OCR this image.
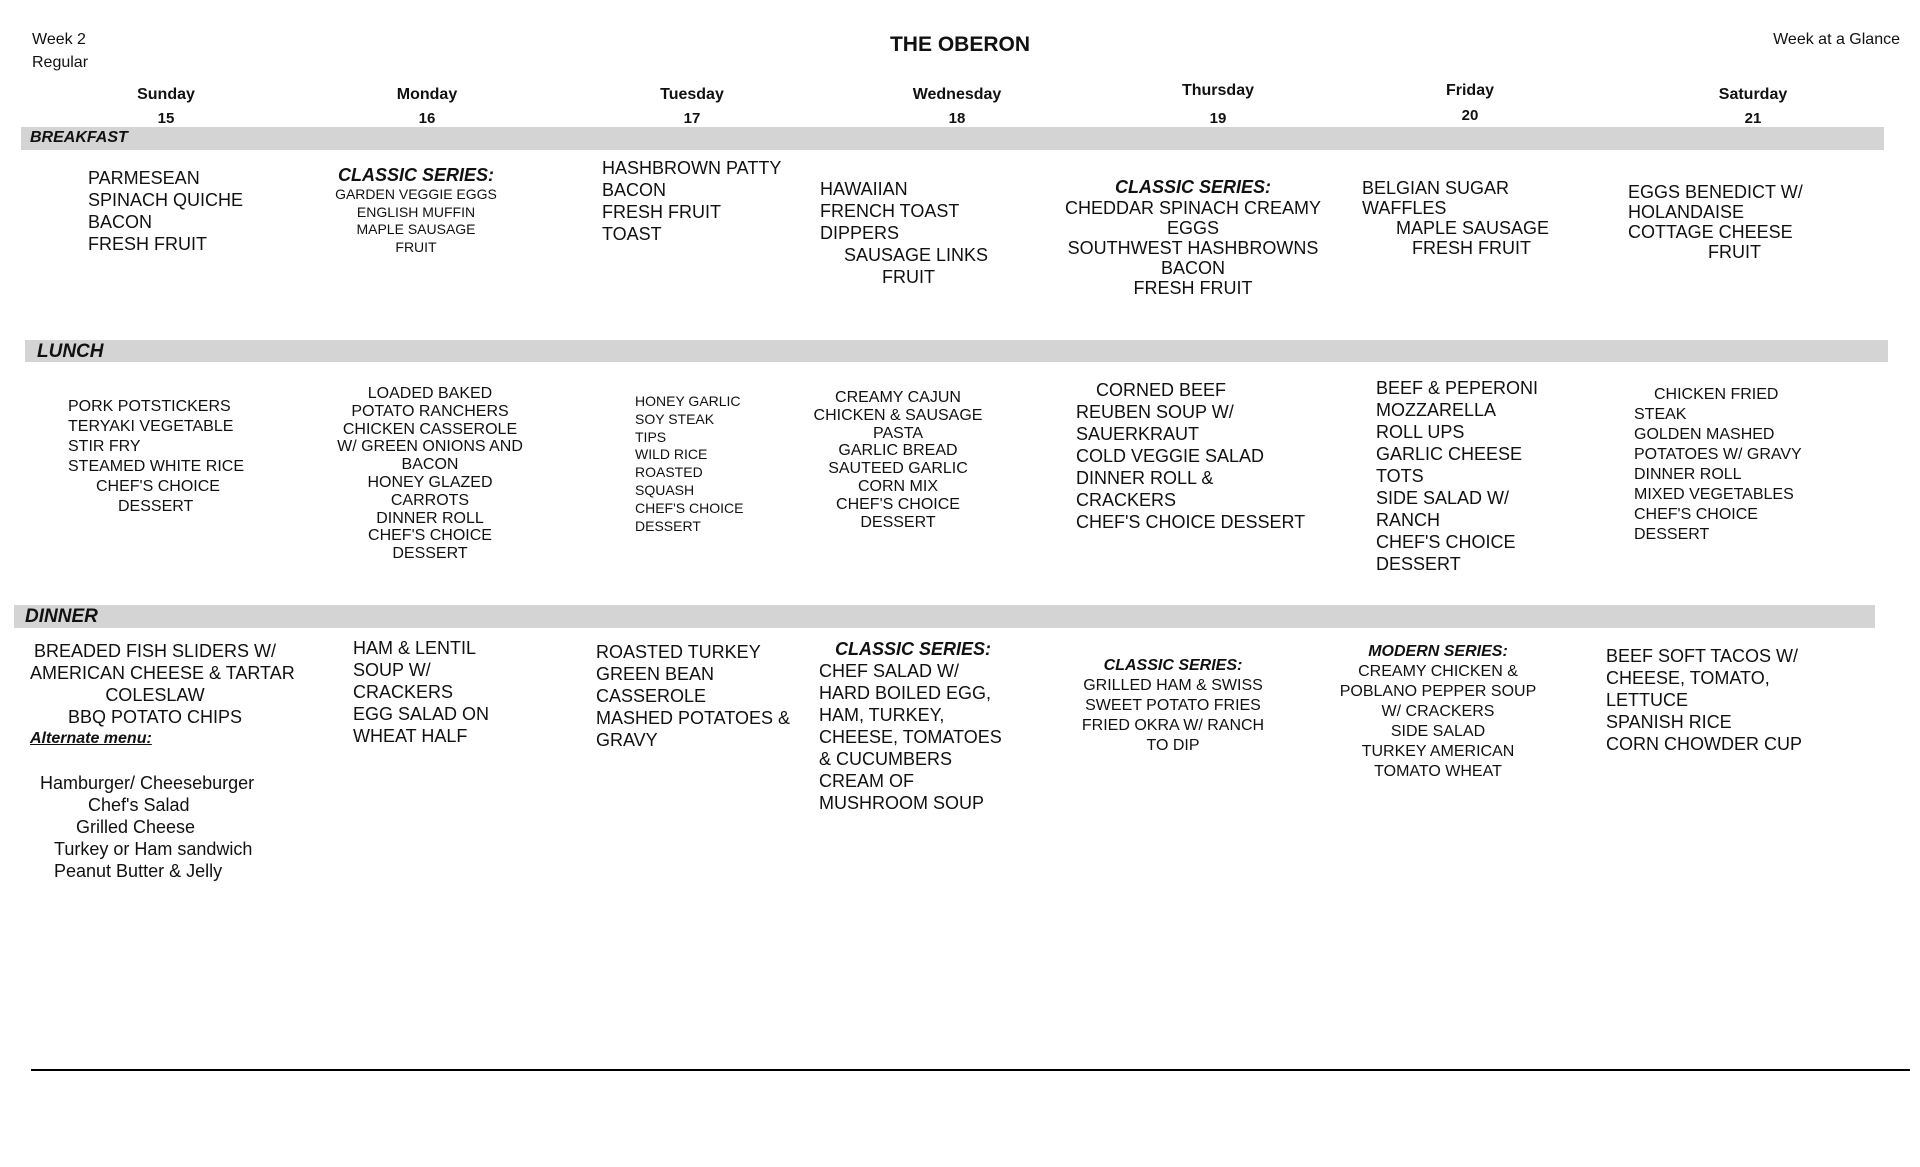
Week 2
Regular
THE OBERON	Week at a Glance
Sunday
15
Monday
16
Tuesday
17
Wednesday
18
Thursday
19
Friday
20
Saturday
21
BREAKFAST
LUNCH
DINNER
PARMESEAN
SPINACH QUICHE
BACON
FRESH FRUIT
CLASSIC SERIES:
GARDEN VEGGIE EGGS
ENGLISH MUFFIN
MAPLE SAUSAGE
FRUIT
HASHBROWN PATTY
BACON
FRESH FRUIT
TOAST
HAWAIIAN
FRENCH TOAST
DIPPERS
SAUSAGE LINKS
FRUIT
CLASSIC SERIES:
CHEDDAR SPINACH CREAMY
EGGS
SOUTHWEST HASHBROWNS
BACON
FRESH FRUIT
BELGIAN SUGAR
WAFFLES
MAPLE SAUSAGE
FRESH FRUIT
EGGS BENEDICT W/
HOLANDAISE
COTTAGE CHEESE
FRUIT
PORK POTSTICKERS
TERYAKI VEGETABLE
STIR FRY
STEAMED WHITE RICE
CHEF'S CHOICE
DESSERT
LOADED BAKED
POTATO RANCHERS
CHICKEN CASSEROLE
W/ GREEN ONIONS AND
BACON
HONEY GLAZED
CARROTS
DINNER ROLL
CHEF'S CHOICE
DESSERT
HONEY GARLIC
SOY STEAK
TIPS
WILD RICE
ROASTED
SQUASH
CHEF'S CHOICE
DESSERT
CREAMY CAJUN
CHICKEN & SAUSAGE
PASTA
GARLIC BREAD
SAUTEED GARLIC
CORN MIX
CHEF'S CHOICE
DESSERT
CORNED BEEF
REUBEN SOUP W/
SAUERKRAUT
COLD VEGGIE SALAD
DINNER ROLL &
CRACKERS
CHEF'S CHOICE DESSERT
BEEF & PEPERONI
MOZZARELLA
ROLL UPS
GARLIC CHEESE
TOTS
SIDE SALAD W/
RANCH
CHEF'S CHOICE
DESSERT
CHICKEN FRIED
STEAK
GOLDEN MASHED
POTATOES W/ GRAVY
DINNER ROLL
MIXED VEGETABLES
CHEF'S CHOICE
DESSERT
BREADED FISH SLIDERS W/
AMERICAN CHEESE & TARTAR
COLESLAW
BBQ POTATO CHIPS
Alternate menu:
Hamburger/ Cheeseburger
Chef's Salad
Grilled Cheese
Turkey or Ham sandwich
Peanut Butter & Jelly
HAM & LENTIL
SOUP W/
CRACKERS
EGG SALAD ON
WHEAT HALF
ROASTED TURKEY
GREEN BEAN
CASSEROLE
MASHED POTATOES &
GRAVY
CLASSIC SERIES:
CHEF SALAD W/
HARD BOILED EGG,
HAM, TURKEY,
CHEESE, TOMATOES
& CUCUMBERS
CREAM OF
MUSHROOM SOUP
CLASSIC SERIES:
GRILLED HAM & SWISS
SWEET POTATO FRIES
FRIED OKRA W/ RANCH
TO DIP
MODERN SERIES:
CREAMY CHICKEN &
POBLANO PEPPER SOUP
W/ CRACKERS
SIDE SALAD
TURKEY AMERICAN
TOMATO WHEAT
BEEF SOFT TACOS W/
CHEESE, TOMATO,
LETTUCE
SPANISH RICE
CORN CHOWDER CUP
